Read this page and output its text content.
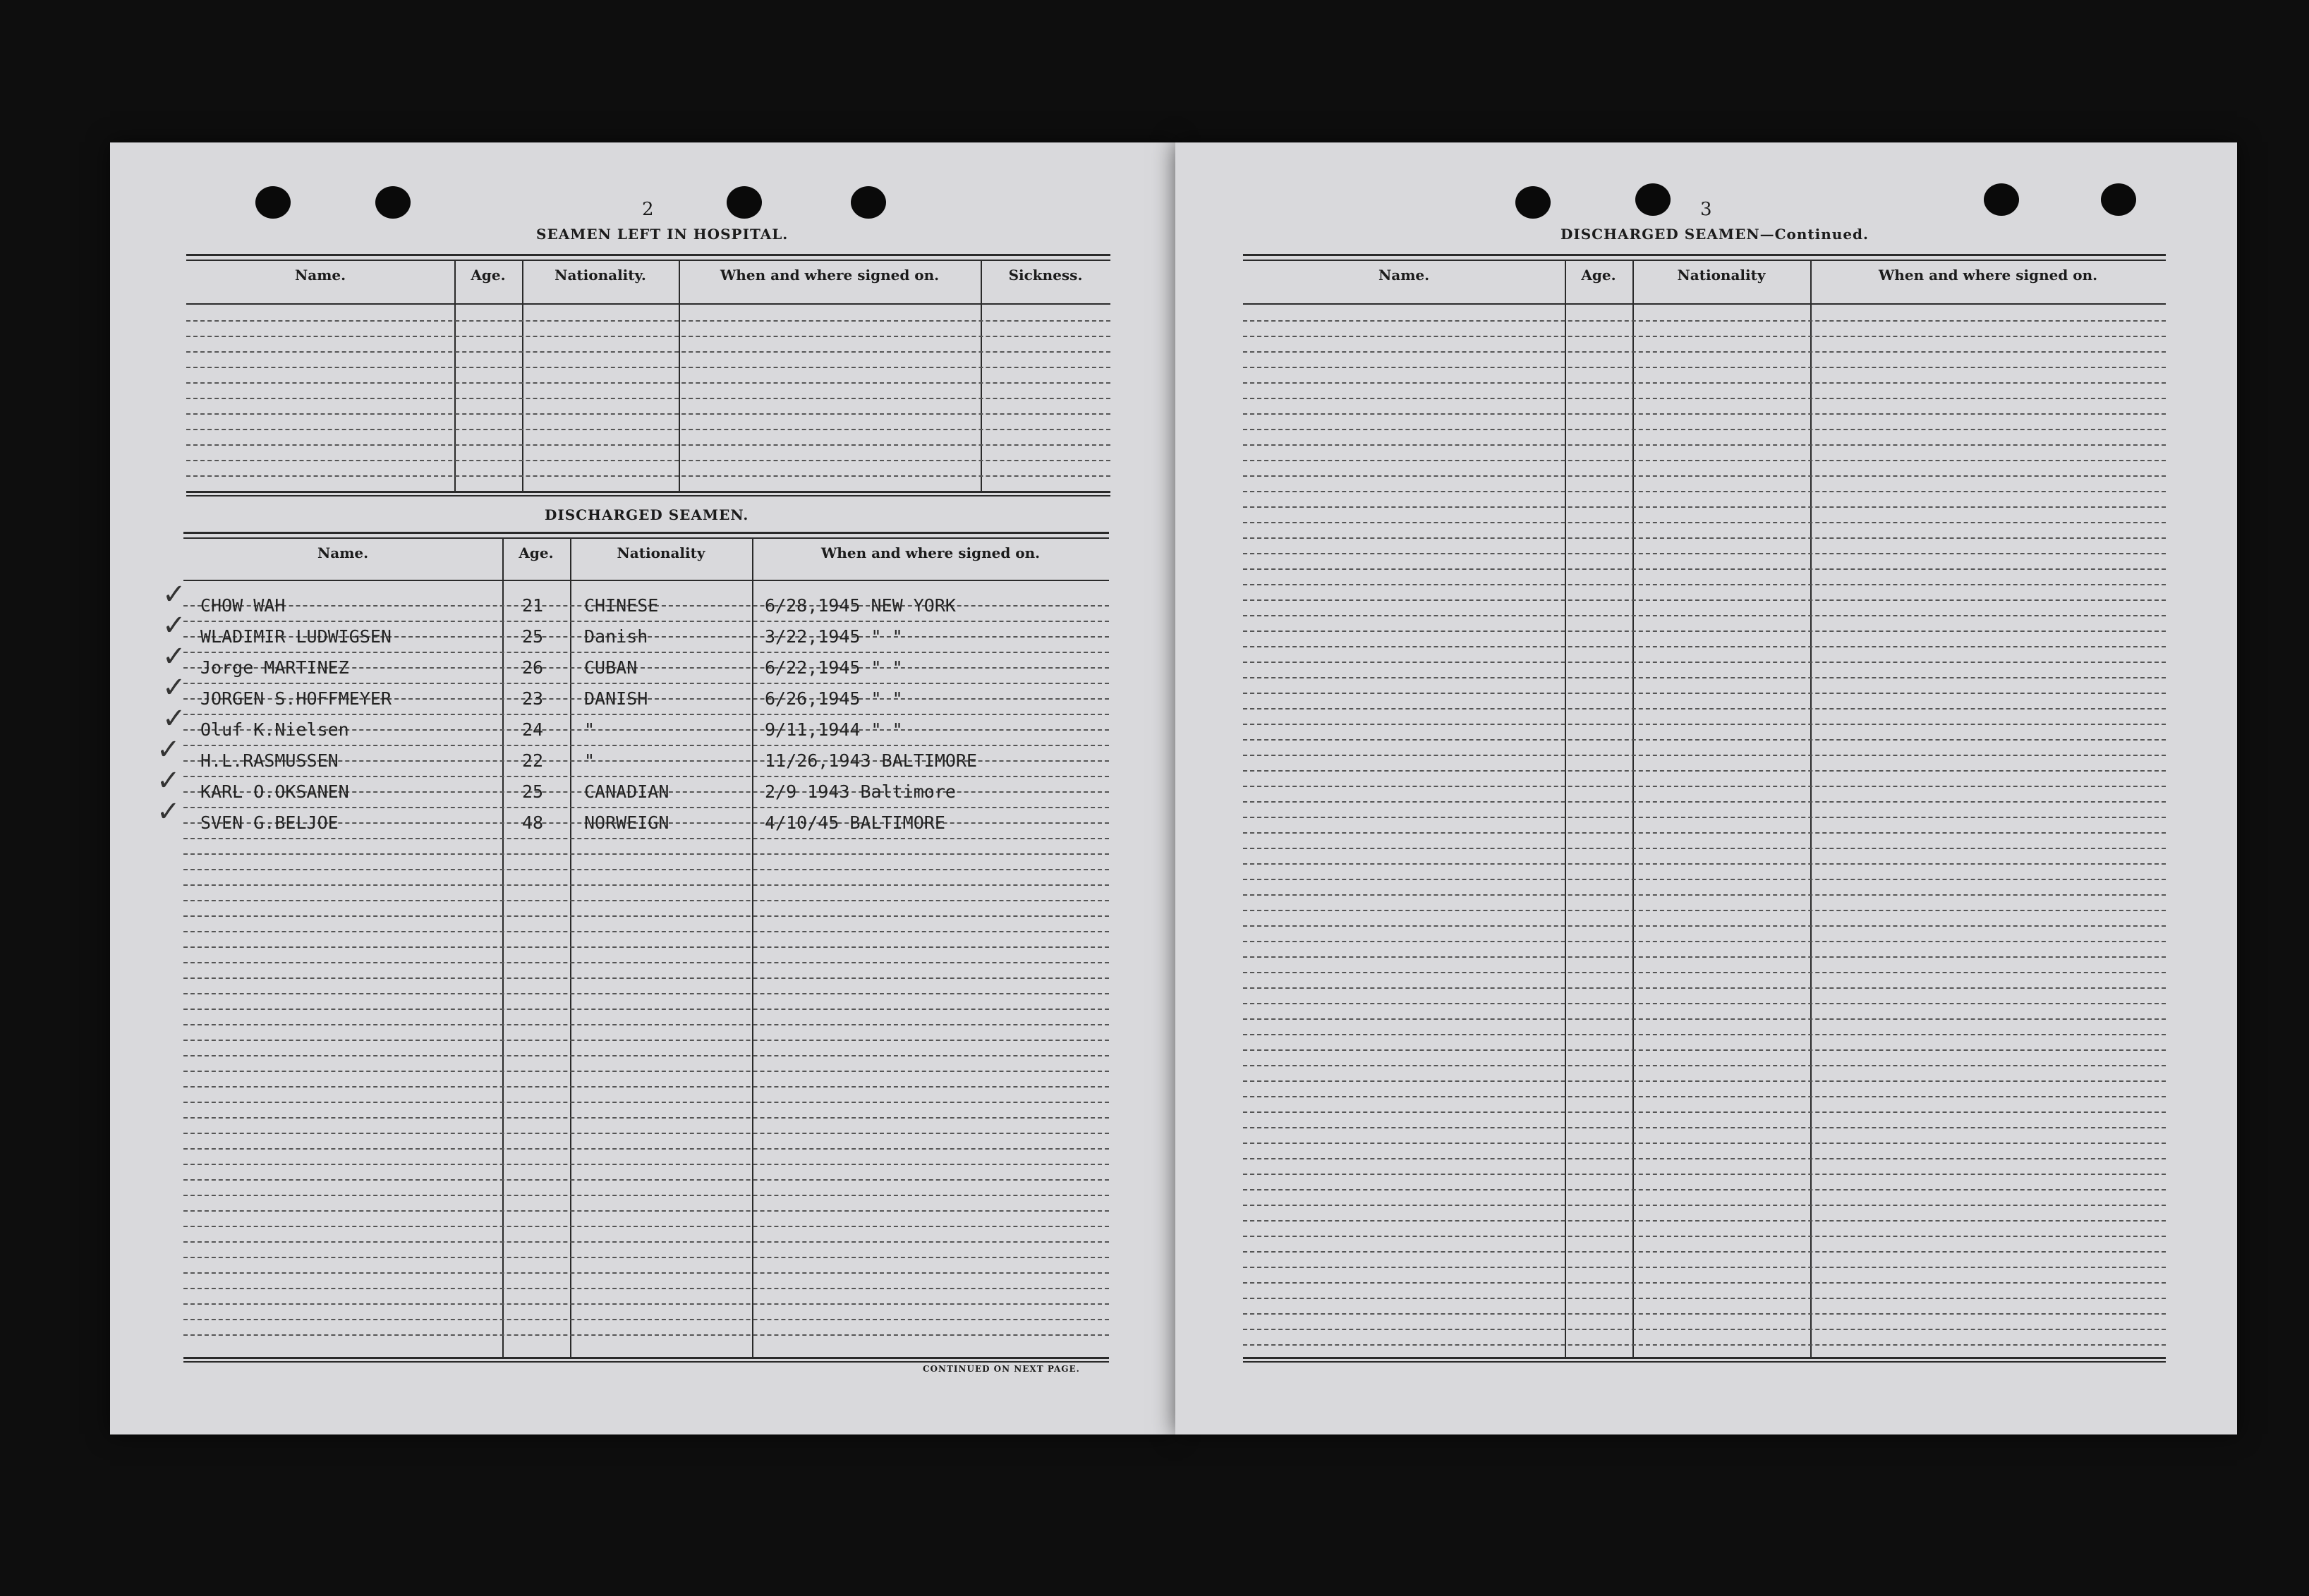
2
SEAMEN LEFT IN HOSPITAL.
DISCHARGED SEAMEN.
CONTINUED ON NEXT PAGE.
Name.	Age.	Nationality.	When and where signed on.	Sickness.
Name.	Age.	Nationality	When and where signed on.
✓ CHOW WAH	21 CHINESE	6/28,1945 NEW YORK
✓ WLADIMIR LUDWIGSEN	25 Danish	3/22,1945 " "
✓ Jorge MARTINEZ	26 CUBAN	6/22,1945 " "
✓ JORGEN S.HOFFMEYER	23 DANISH	6/26,1945 " "
✓ Oluf K.Nielsen	24 "	9/11,1944 " "
✓ H.L.RASMUSSEN	22 "	11/26,1943 BALTIMORE
✓ KARL O.OKSANEN	25 CANADIAN	2/9 1943 Baltimore
✓ SVEN G.BELJOE	48 NORWEIGN	4/10/45 BALTIMORE
3
DISCHARGED SEAMEN—Continued.
Name.	Age.	Nationality	When and where signed on.
